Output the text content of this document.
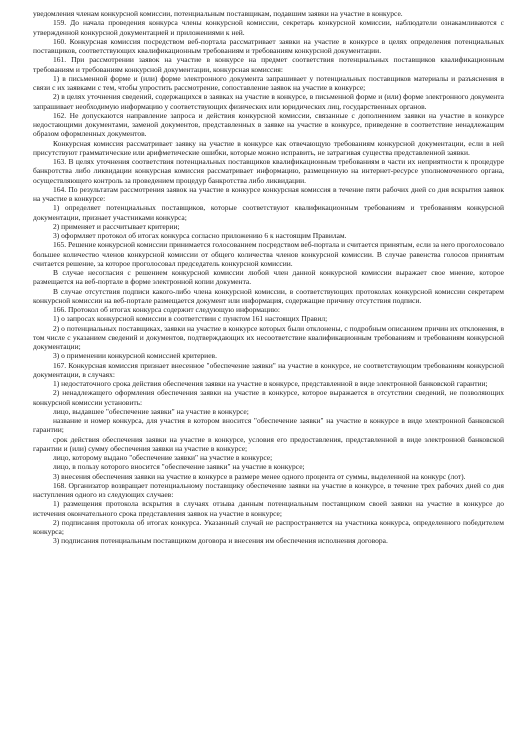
уведомления членам конкурсной комиссии, потенциальным поставщикам, подавшим заявки на участие в конкурсе.

159. До начала проведения конкурса члены конкурсной комиссии, секретарь конкурсной комиссии, наблюдатели ознакамливаются с утвержденной конкурсной документацией и приложениями к ней.

160. Конкурсная комиссия посредством веб-портала рассматривает заявки на участие в конкурсе в целях определения потенциальных поставщиков, соответствующих квалификационным требованиям и требованиям конкурсной документации.

161. При рассмотрении заявок на участие в конкурсе на предмет соответствия потенциальных поставщиков квалификационным требованиям и требованиям конкурсной документации, конкурсная комиссия:

1) в письменной форме и (или) форме электронного документа запрашивает у потенциальных поставщиков материалы и разъяснения в связи с их заявками с тем, чтобы упростить рассмотрение, сопоставление заявок на участие в конкурсе;

2) в целях уточнения сведений, содержащихся в заявках на участие в конкурсе, в письменной форме и (или) форме электронного документа запрашивает необходимую информацию у соответствующих физических или юридических лиц, государственных органов.

162. Не допускаются направление запроса и действия конкурсной комиссии, связанные с дополнением заявки на участие в конкурсе недостающими документами, заменой документов, представленных в заявке на участие в конкурсе, приведение в соответствие ненадлежащим образом оформленных документов.

Конкурсная комиссия рассматривает заявку на участие в конкурсе как отвечающую требованиям конкурсной документации, если в ней присутствуют грамматические или арифметические ошибки, которые можно исправить, не затрагивая существа представленной заявки.

163. В целях уточнения соответствия потенциальных поставщиков квалификационным требованиям в части их неприятности к процедуре банкротства либо ликвидации конкурсная комиссия рассматривает информацию, размещенную на интернет-ресурсе уполномоченного органа, осуществляющего контроль за проведением процедур банкротства либо ликвидации.

164. По результатам рассмотрения заявок на участие в конкурсе конкурсная комиссия в течение пяти рабочих дней со дня вскрытия заявок на участие в конкурсе:

1) определяет потенциальных поставщиков, которые соответствуют квалификационным требованиям и требованиям конкурсной документации, признает участниками конкурса;

2) применяет и рассчитывает критерии;

3) оформляет протокол об итогах конкурса согласно приложению 6 к настоящим Правилам.

165. Решение конкурсной комиссии принимается голосованием посредством веб-портала и считается принятым, если за него проголосовало большее количество членов конкурсной комиссии от общего количества членов конкурсной комиссии. В случае равенства голосов принятым считается решение, за которое проголосовал председатель конкурсной комиссии.

В случае несогласия с решением конкурсной комиссии любой член данной конкурсной комиссии выражает свое мнение, которое размещается на веб-портале в форме электронной копии документа.

В случае отсутствия подписи какого-либо члена конкурсной комиссии, в соответствующих протоколах конкурсной комиссии секретарем конкурсной комиссии на веб-портале размещается документ или информация, содержащие причину отсутствия подписи.

166. Протокол об итогах конкурса содержит следующую информацию:

1) о запросах конкурсной комиссии в соответствии с пунктом 161 настоящих Правил;

2) о потенциальных поставщиках, заявки на участие в конкурсе которых были отклонены, с подробным описанием причин их отклонения, в том числе с указанием сведений и документов, подтверждающих их несоответствие квалификационным требованиям и требованиям конкурсной документации;

3) о применении конкурсной комиссией критериев.

167. Конкурсная комиссия признает внесенное "обеспечение заявки" на участие в конкурсе, не соответствующим требованиям конкурсной документации, в случаях:

1) недостаточного срока действия обеспечения заявки на участие в конкурсе, представленной в виде электронной банковской гарантии;

2) ненадлежащего оформления обеспечения заявки на участие в конкурсе, которое выражается в отсутствии сведений, не позволяющих конкурсной комиссии установить:

лицо, выдавшее "обеспечение заявки" на участие в конкурсе;

название и номер конкурса, для участия в котором вносится "обеспечение заявки" на участие в конкурсе в виде электронной банковской гарантии;

срок действия обеспечения заявки на участие в конкурсе, условия его предоставления, представленной в виде электронной банковской гарантии и (или) сумму обеспечения заявки на участие в конкурсе;

лицо, которому выдано "обеспечение заявки" на участие в конкурсе;

лицо, в пользу которого вносится "обеспечение заявки" на участие в конкурсе;

3) внесения обеспечения заявки на участие в конкурсе в размере менее одного процента от суммы, выделенной на конкурс (лот).

168. Организатор возвращает потенциальному поставщику обеспечение заявки на участие в конкурсе, в течение трех рабочих дней со дня наступления одного из следующих случаев:

1) размещения протокола вскрытия в случаях отзыва данным потенциальным поставщиком своей заявки на участие в конкурсе до истечения окончательного срока представления заявок на участие в конкурсе;

2) подписания протокола об итогах конкурса. Указанный случай не распространяется на участника конкурса, определенного победителем конкурса;

3) подписания потенциальным поставщиком договора и внесения им обеспечения исполнения договора.
